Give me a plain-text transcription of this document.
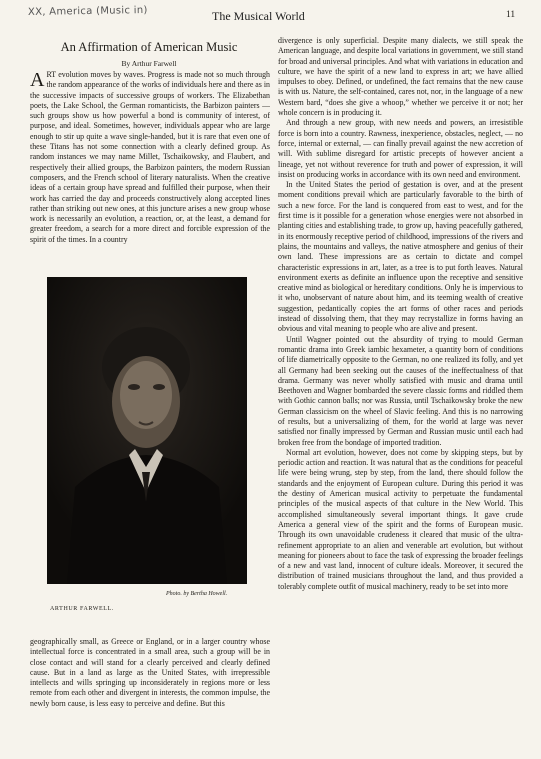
XX, America (Music in)	The Musical World	11
An Affirmation of American Music
By Arthur Farwell

ART evolution moves by waves. Progress is made not so much through the random appearance of the works of individuals here and there as in the successive impacts of successive groups of workers. The Elizabethan poets, the Lake School, the German romanticists, the Barbizon painters — such groups show us how powerful a bond is community of interest, of purpose, and ideal. Sometimes, however, individuals appear who are large enough to stir up quite a wave single-handed, but it is rare that even one of these Titans has not some connection with a clearly defined group. As random instances we may name Millet, Tschaikowsky, and Flaubert, and respectively their allied groups, the Barbizon painters, the modern Russian composers, and the French school of literary naturalists. When the creative ideas of a certain group have spread and fulfilled their purpose, when their work has carried the day and proceeds constructively along accepted lines rather than striking out new ones, at this juncture arises a new group whose work is necessarily an evolution, a reaction, or, at the least, a demand for greater freedom, a search for a more direct and forcible expression of the spirit of the times. In a country

Photo. by Bertha Howell.
ARTHUR FARWELL.

geographically small, as Greece or England, or in a larger country whose intellectual force is concentrated in a small area, such a group will be in close contact and will stand for a clearly perceived and clearly defined cause. But in a land as large as the United States, with irrepressible intellects and wills springing up inconsiderately in regions more or less remote from each other and divergent in interests, the common impulse, the newly born cause, is less easy to perceive and define. But this

divergence is only superficial. Despite many dialects, we still speak the American language, and despite local variations in government, we still stand for broad and universal principles. And what with variations in education and culture, we have the spirit of a new land to express in art; we have allied impulses to obey. Defined, or undefined, the fact remains that the new cause is with us. Nature, the self-contained, cares not, nor, in the language of a new Western bard, “does she give a whoop,” whether we perceive it or not; her whole concern is in producing it.

And through a new group, with new needs and powers, an irresistible force is born into a country. Rawness, inexperience, obstacles, neglect, — no force, internal or external, — can finally prevail against the new accretion of will. With sublime disregard for artistic precepts of however ancient a lineage, yet not without reverence for truth and power of expression, it will insist on producing works in accordance with its own need and environment.

In the United States the period of gestation is over, and at the present moment conditions prevail which are particularly favorable to the birth of such a new force. For the land is conquered from east to west, and for the first time is it possible for a generation whose energies were not absorbed in planting cities and establishing trade, to grow up, having peacefully gathered, in its enormously receptive period of childhood, impressions of the rivers and plains, the mountains and valleys, the native atmosphere and genius of their own land. These impressions are as certain to dictate and compel characteristic expressions in art, later, as a tree is to put forth leaves. Natural environment exerts as definite an influence upon the receptive and sensitive creative mind as biological or hereditary conditions. Only he is impervious to it who, unobservant of nature about him, and its teeming wealth of creative suggestion, pedantically copies the art forms of other races and periods instead of dissolving them, that they may recrystallize in forms having an obvious and vital meaning to people who are alive and present.

Until Wagner pointed out the absurdity of trying to mould German romantic drama into Greek iambic hexameter, a quantity born of conditions of life diametrically opposite to the German, no one realized its folly, and yet all Germany had been seeking out the causes of the ineffectualness of that drama. Germany was never wholly satisfied with music and drama until Beethoven and Wagner bombarded the severe classic forms and riddled them with Gothic cannon balls; nor was Russia, until Tschaikowsky broke the new German classicism on the wheel of Slavic feeling. And this is no narrowing of results, but a universalizing of them, for the world at large was never satisfied nor finally impressed by German and Russian music until each had broken free from the bondage of imported tradition.

Normal art evolution, however, does not come by skipping steps, but by periodic action and reaction. It was natural that as the conditions for peaceful life were being wrung, step by step, from the land, there should follow the standards and the enjoyment of European culture. During this period it was the destiny of American musical activity to perpetuate the fundamental principles of the musical aspects of that culture in the New World. This accomplished simultaneously several important things. It gave crude America a general view of the spirit and the forms of European music. Through its own unavoidable crudeness it cleared that music of the ultra-refinement appropriate to an alien and venerable art evolution, but without meaning for pioneers about to face the task of expressing the broader feelings of a new and vast land, innocent of culture ideals. Moreover, it secured the distribution of trained musicians throughout the land, and thus provided a tolerably complete outfit of musical machinery, ready to be set into more
